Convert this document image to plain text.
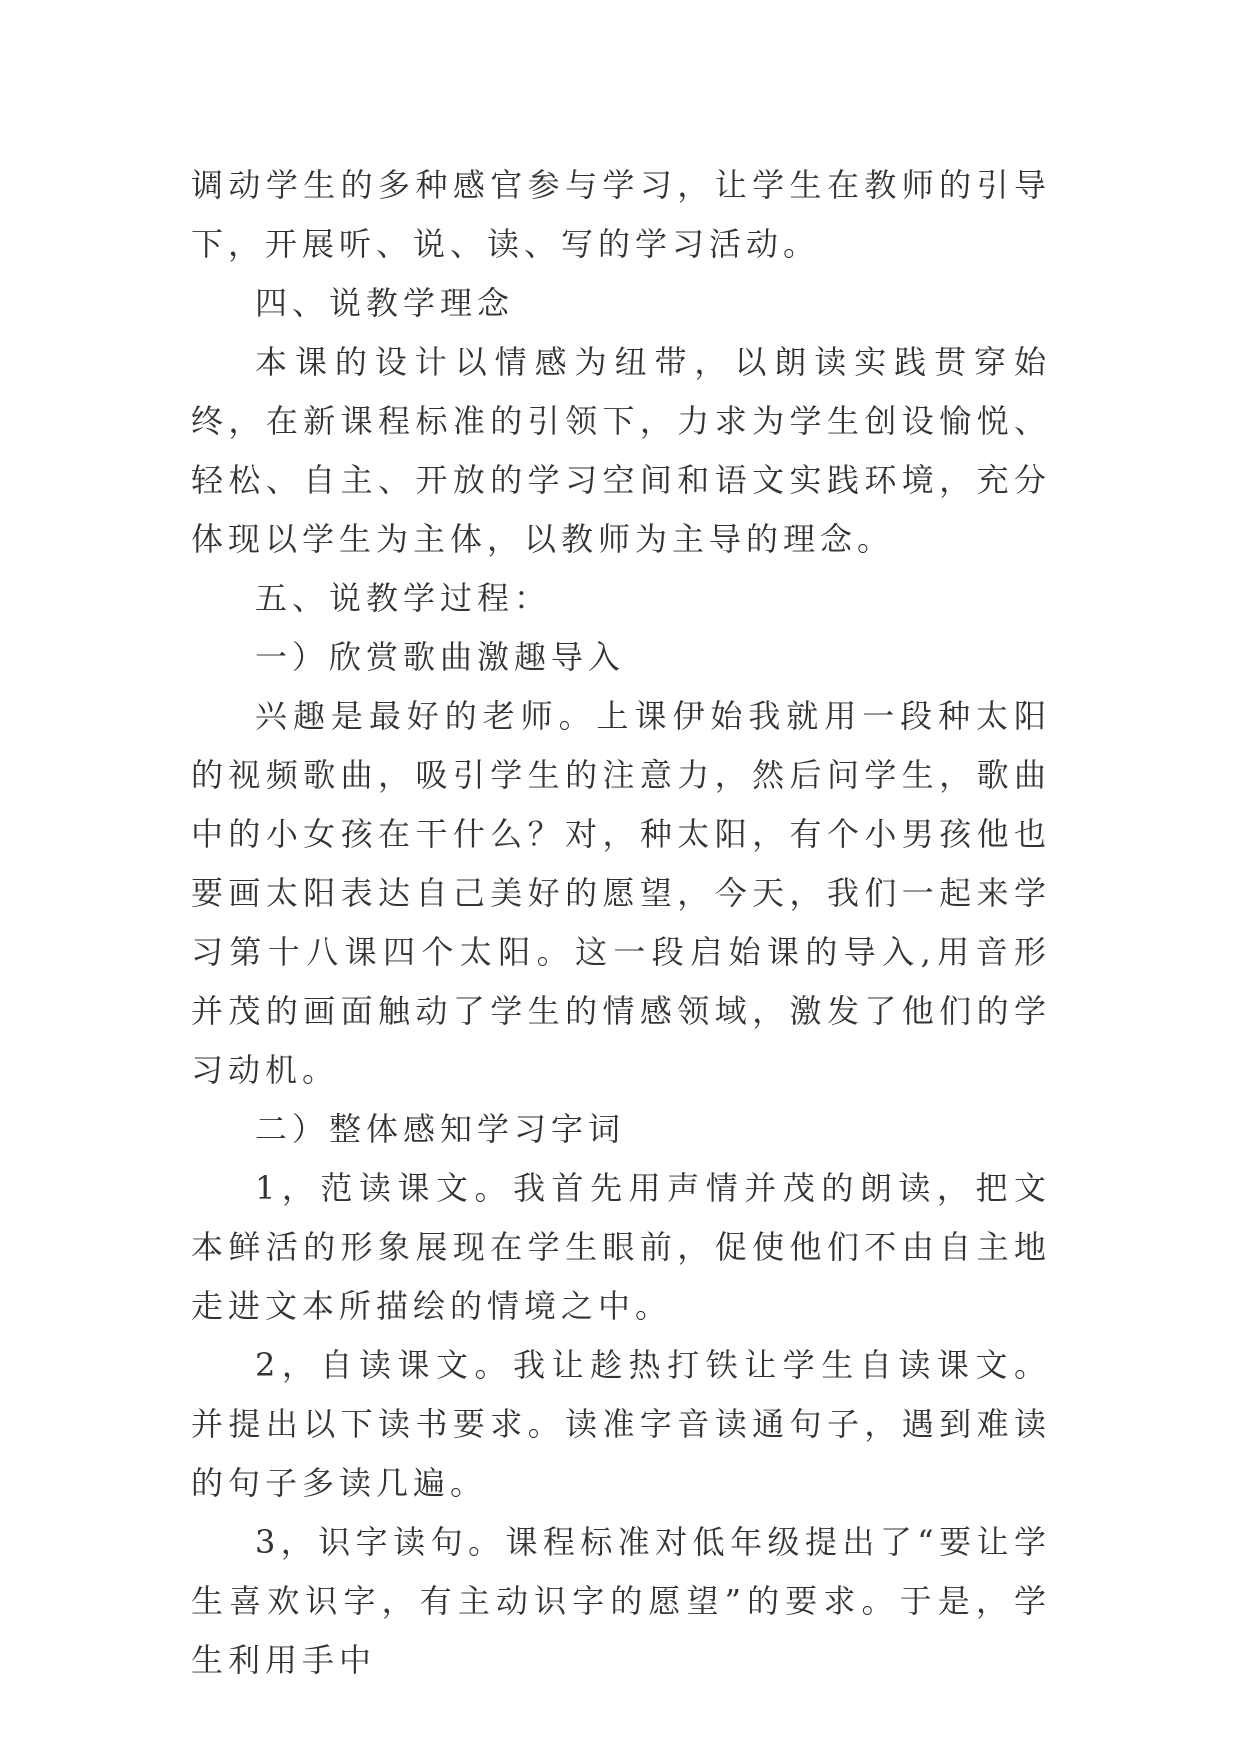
调动学生的多种感官参与学习，让学生在教师的引导下，开展听、说、读、写的学习活动。

四、说教学理念

本课的设计以情感为纽带，以朗读实践贯穿始终，在新课程标准的引领下，力求为学生创设愉悦、轻松、自主、开放的学习空间和语文实践环境，充分体现以学生为主体，以教师为主导的理念。

五、说教学过程：

一）欣赏歌曲激趣导入

兴趣是最好的老师。上课伊始我就用一段种太阳的视频歌曲，吸引学生的注意力，然后问学生，歌曲中的小女孩在干什么？对，种太阳，有个小男孩他也要画太阳表达自己美好的愿望，今天，我们一起来学习第十八课四个太阳。这一段启始课的导入,用音形并茂的画面触动了学生的情感领域，激发了他们的学习动机。

二）整体感知学习字词

1，范读课文。我首先用声情并茂的朗读，把文本鲜活的形象展现在学生眼前，促使他们不由自主地走进文本所描绘的情境之中。

2，自读课文。我让趁热打铁让学生自读课文。并提出以下读书要求。读准字音读通句子，遇到难读的句子多读几遍。

3，识字读句。课程标准对低年级提出了“要让学生喜欢识字，有主动识字的愿望”的要求。于是，学生利用手中
